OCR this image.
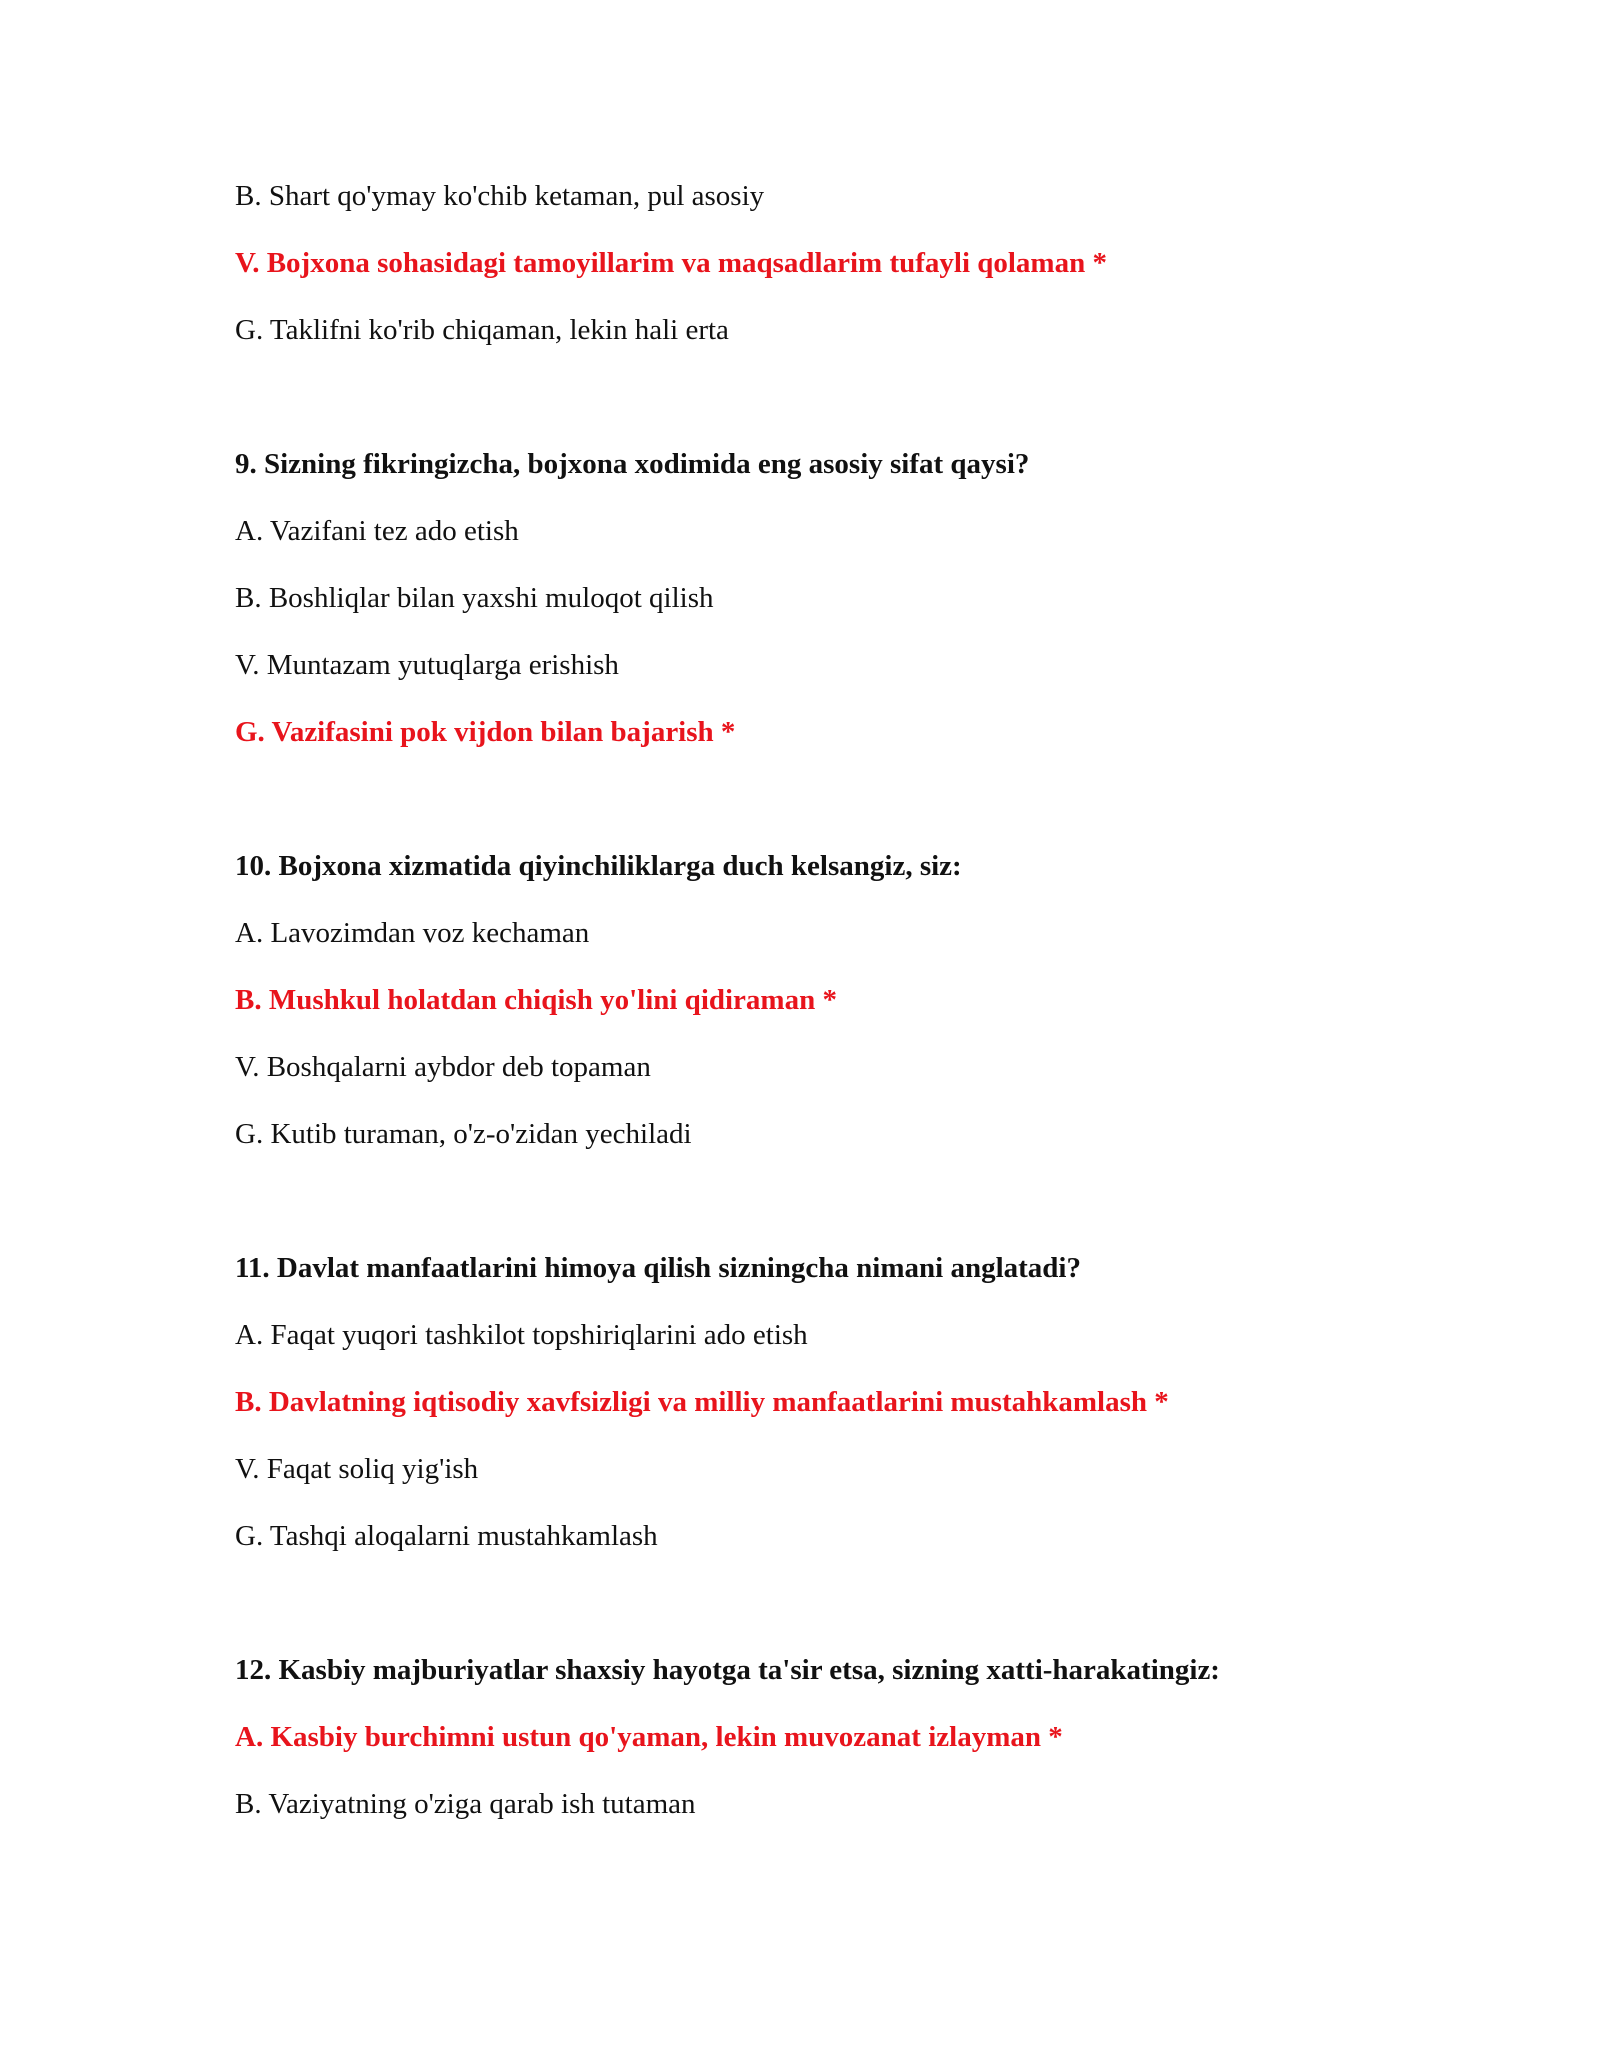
B. Shart qo'ymay ko'chib ketaman, pul asosiy
V. Bojxona sohasidagi tamoyillarim va maqsadlarim tufayli qolaman *
G. Taklifni ko'rib chiqaman, lekin hali erta
9. Sizning fikringizcha, bojxona xodimida eng asosiy sifat qaysi?
A. Vazifani tez ado etish
B. Boshliqlar bilan yaxshi muloqot qilish
V. Muntazam yutuqlarga erishish
G. Vazifasini pok vijdon bilan bajarish *
10. Bojxona xizmatida qiyinchiliklarga duch kelsangiz, siz:
A. Lavozimdan voz kechaman
B. Mushkul holatdan chiqish yo'lini qidiraman *
V. Boshqalarni aybdor deb topaman
G. Kutib turaman, o'z-o'zidan yechiladi
11. Davlat manfaatlarini himoya qilish sizningcha nimani anglatadi?
A. Faqat yuqori tashkilot topshiriqlarini ado etish
B. Davlatning iqtisodiy xavfsizligi va milliy manfaatlarini mustahkamlash *
V. Faqat soliq yig'ish
G. Tashqi aloqalarni mustahkamlash
12. Kasbiy majburiyatlar shaxsiy hayotga ta'sir etsa, sizning xatti-harakatingiz:
A. Kasbiy burchimni ustun qo'yaman, lekin muvozanat izlayman *
B. Vaziyatning o'ziga qarab ish tutaman
